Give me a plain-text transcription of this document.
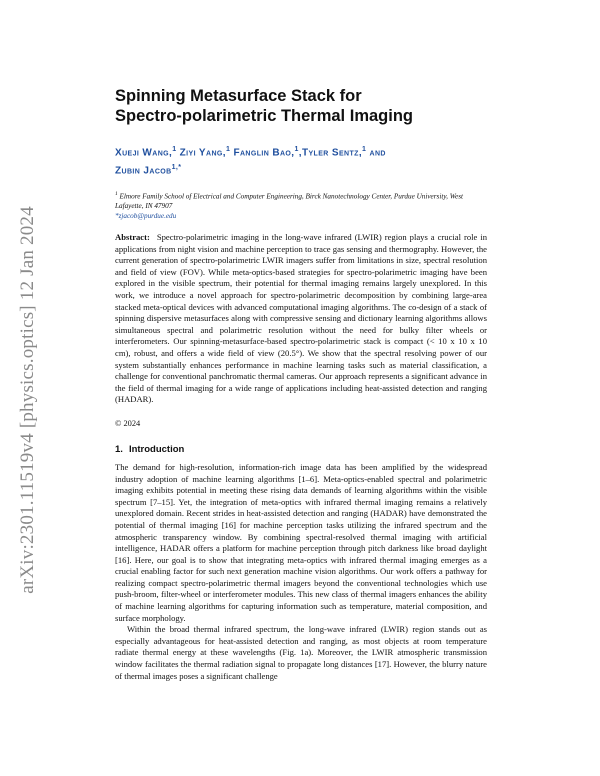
arXiv:2301.11519v4 [physics.optics] 12 Jan 2024
Spinning Metasurface Stack for
Spectro-polarimetric Thermal Imaging
Xueji Wang,$^1$ Ziyi Yang,$^1$ Fanglin Bao,$^1$,Tyler Sentz,$^1$ and
Zubin Jacob$^{1,*}$
$^1$ Elmore Family School of Electrical and Computer Engineering, Birck Nanotechnology Center, Purdue University, West Lafayette, IN 47907
*zjacob@purdue.edu

Abstract: Spectro-polarimetric imaging in the long-wave infrared (LWIR) region plays a crucial role in applications from night vision and machine perception to trace gas sensing and thermography. However, the current generation of spectro-polarimetric LWIR imagers suffer from limitations in size, spectral resolution and field of view (FOV). While meta-optics-based strategies for spectro-polarimetric imaging have been explored in the visible spectrum, their potential for thermal imaging remains largely unexplored. In this work, we introduce a novel approach for spectro-polarimetric decomposition by combining large-area stacked meta-optical devices with advanced computational imaging algorithms. The co-design of a stack of spinning dispersive metasurfaces along with compressive sensing and dictionary learning algorithms allows simultaneous spectral and polarimetric resolution without the need for bulky filter wheels or interferometers. Our spinning-metasurface-based spectro-polarimetric stack is compact (< 10 x 10 x 10 cm), robust, and offers a wide field of view (20.5°). We show that the spectral resolving power of our system substantially enhances performance in machine learning tasks such as material classification, a challenge for conventional panchromatic thermal cameras. Our approach represents a significant advance in the field of thermal imaging for a wide range of applications including heat-assisted detection and ranging (HADAR).

© 2024
1. Introduction

The demand for high-resolution, information-rich image data has been amplified by the widespread industry adoption of machine learning algorithms [1–6]. Meta-optics-enabled spectral and polarimetric imaging exhibits potential in meeting these rising data demands of learning algorithms within the visible spectrum [7–15]. Yet, the integration of meta-optics with infrared thermal imaging remains a relatively unexplored domain. Recent strides in heat-assisted detection and ranging (HADAR) have demonstrated the potential of thermal imaging [16] for machine perception tasks utilizing the infrared spectrum and the atmospheric transparency window. By combining spectral-resolved thermal imaging with artificial intelligence, HADAR offers a platform for machine perception through pitch darkness like broad daylight [16]. Here, our goal is to show that integrating meta-optics with infrared thermal imaging emerges as a crucial enabling factor for such next generation machine vision algorithms. Our work offers a pathway for realizing compact spectro-polarimetric thermal imagers beyond the conventional technologies which use push-broom, filter-wheel or interferometer modules. This new class of thermal imagers enhances the ability of machine learning algorithms for capturing information such as temperature, material composition, and surface morphology.

Within the broad thermal infrared spectrum, the long-wave infrared (LWIR) region stands out as especially advantageous for heat-assisted detection and ranging, as most objects at room temperature radiate thermal energy at these wavelengths (Fig. 1a). Moreover, the LWIR atmospheric transmission window facilitates the thermal radiation signal to propagate long distances [17]. However, the blurry nature of thermal images poses a significant challenge
